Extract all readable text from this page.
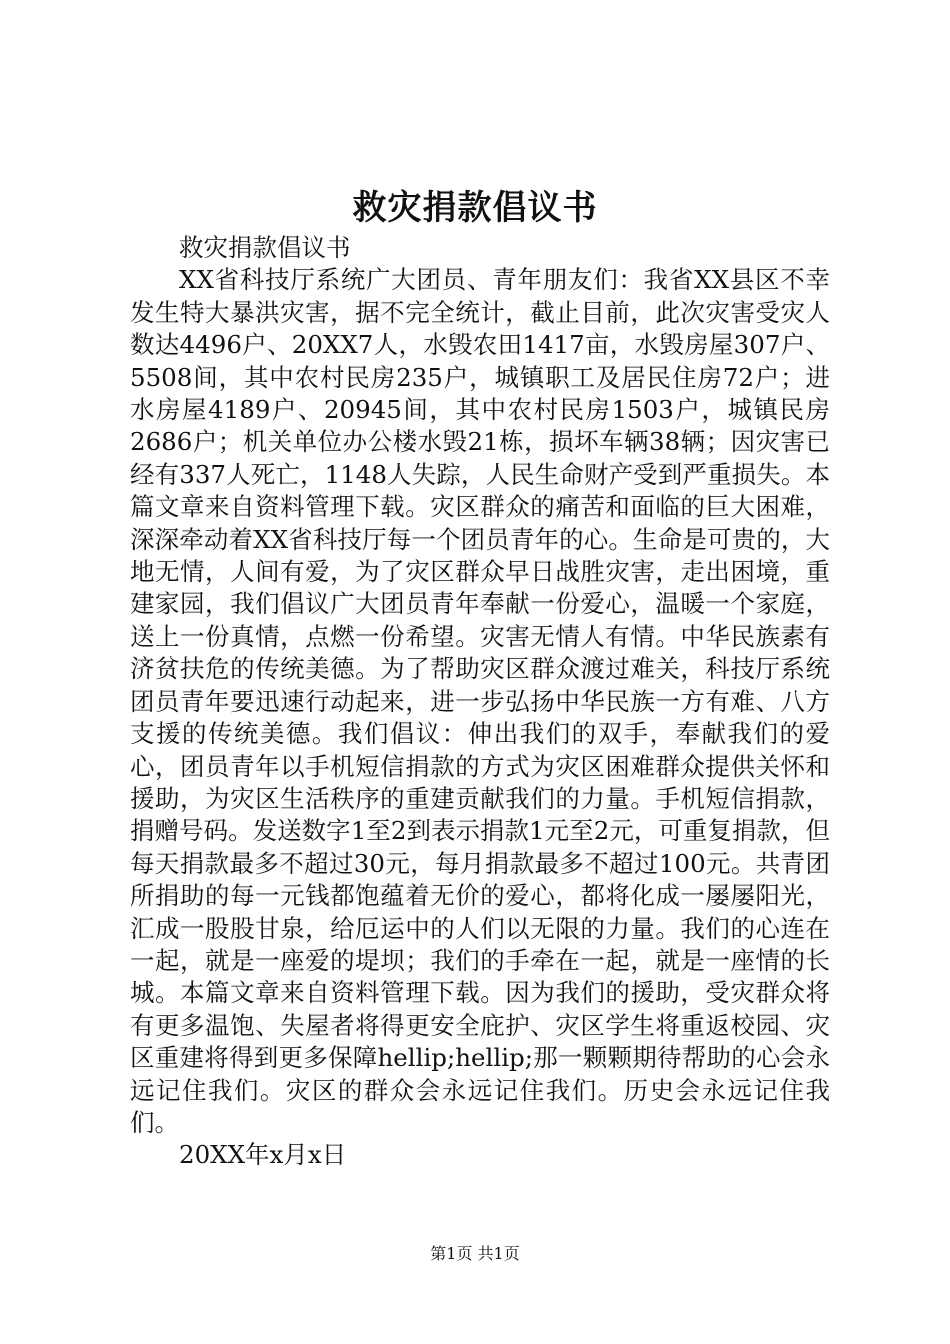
救灾捐款倡议书

救灾捐款倡议书

XX省科技厅系统广大团员、青年朋友们：我省XX县区不幸发生特大暴洪灾害，据不完全统计，截止目前，此次灾害受灾人数达4496户、20XX7人，水毁农田1417亩，水毁房屋307户、5508间，其中农村民房235户，城镇职工及居民住房72户；进水房屋4189户、20945间，其中农村民房1503户，城镇民房2686户；机关单位办公楼水毁21栋，损坏车辆38辆；因灾害已经有337人死亡，1148人失踪，人民生命财产受到严重损失。本篇文章来自资料管理下载。灾区群众的痛苦和面临的巨大困难，深深牵动着XX省科技厅每一个团员青年的心。生命是可贵的，大地无情，人间有爱，为了灾区群众早日战胜灾害，走出困境，重建家园，我们倡议广大团员青年奉献一份爱心，温暖一个家庭，送上一份真情，点燃一份希望。灾害无情人有情。中华民族素有济贫扶危的传统美德。为了帮助灾区群众渡过难关，科技厅系统团员青年要迅速行动起来，进一步弘扬中华民族一方有难、八方支援的传统美德。我们倡议：伸出我们的双手，奉献我们的爱心，团员青年以手机短信捐款的方式为灾区困难群众提供关怀和援助，为灾区生活秩序的重建贡献我们的力量。手机短信捐款，捐赠号码。发送数字1至2到表示捐款1元至2元，可重复捐款，但每天捐款最多不超过30元，每月捐款最多不超过100元。共青团所捐助的每一元钱都饱蕴着无价的爱心，都将化成一屡屡阳光，汇成一股股甘泉，给厄运中的人们以无限的力量。我们的心连在一起，就是一座爱的堤坝；我们的手牵在一起，就是一座情的长城。本篇文章来自资料管理下载。因为我们的援助，受灾群众将有更多温饱、失屋者将得更安全庇护、灾区学生将重返校园、灾区重建将得到更多保障hellip;hellip;那一颗颗期待帮助的心会永远记住我们。灾区的群众会永远记住我们。历史会永远记住我们。

20XX年x月x日

第1页 共1页
